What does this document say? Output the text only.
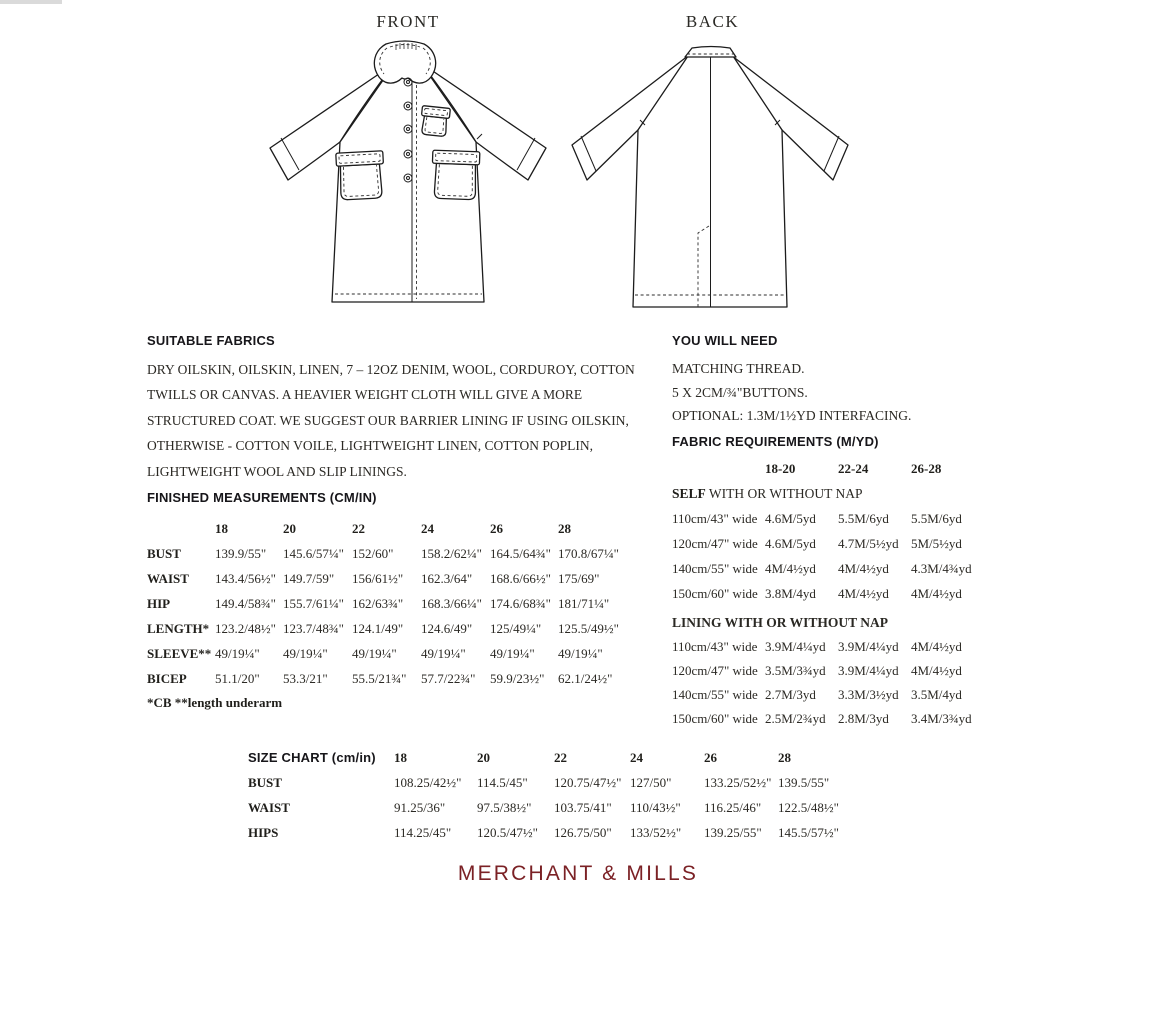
FRONT	BACK
SUITABLE FABRICS
DRY OILSKIN, OILSKIN, LINEN, 7 – 12OZ DENIM, WOOL, CORDUROY, COTTON
TWILLS OR CANVAS. A HEAVIER WEIGHT CLOTH WILL GIVE A MORE
STRUCTURED COAT. WE SUGGEST OUR BARRIER LINING IF USING OILSKIN,
OTHERWISE - COTTON VOILE, LIGHTWEIGHT LINEN, COTTON POPLIN,
LIGHTWEIGHT WOOL AND SLIP LININGS.
FINISHED MEASUREMENTS (CM/IN)
18	20	22	24	26	28
BUST	139.9/55"	145.6/57¼" 152/60"	158.2/62¼" 164.5/64¾" 170.8/67¼"
WAIST	143.4/56½" 149.7/59"	156/61½"	162.3/64"	168.6/66½" 175/69"
HIP	149.4/58¾" 155.7/61¼" 162/63¾"	168.3/66¼" 174.6/68¾" 181/71¼"
LENGTH* 123.2/48½" 123.7/48¾" 124.1/49"	124.6/49"	125/49¼"	125.5/49½"
SLEEVE** 49/19¼"	49/19¼"	49/19¼"	49/19¼"	49/19¼"	49/19¼"
BICEP	51.1/20"	53.3/21"	55.5/21¾"	57.7/22¾"	59.9/23½"	62.1/24½"
*CB **length underarm
YOU WILL NEED
MATCHING THREAD.
5 X 2CM/¾"BUTTONS.
OPTIONAL: 1.3M/1½YD INTERFACING.
FABRIC REQUIREMENTS (M/YD)
18-20	22-24	26-28
SELF WITH OR WITHOUT NAP
110cm/43" wide 4.6M/5yd	5.5M/6yd	5.5M/6yd
120cm/47" wide 4.6M/5yd	4.7M/5½yd 5M/5½yd
140cm/55" wide 4M/4½yd	4M/4½yd	4.3M/4¾yd
150cm/60" wide 3.8M/4yd	4M/4½yd	4M/4½yd
LINING WITH OR WITHOUT NAP
110cm/43" wide 3.9M/4¼yd 3.9M/4¼yd 4M/4½yd
120cm/47" wide 3.5M/3¾yd 3.9M/4¼yd 4M/4½yd
140cm/55" wide 2.7M/3yd	3.3M/3½yd 3.5M/4yd
150cm/60" wide 2.5M/2¾yd 2.8M/3yd	3.4M/3¾yd
SIZE CHART (cm/in)	18	20	22	24	26	28
BUST	108.25/42½"	114.5/45"	120.75/47½" 127/50"	133.25/52½" 139.5/55"
WAIST	91.25/36"	97.5/38½"	103.75/41"	110/43½"	116.25/46"	122.5/48½"
HIPS	114.25/45"	120.5/47½"	126.75/50"	133/52½"	139.25/55"	145.5/57½"
MERCHANT & MILLS
